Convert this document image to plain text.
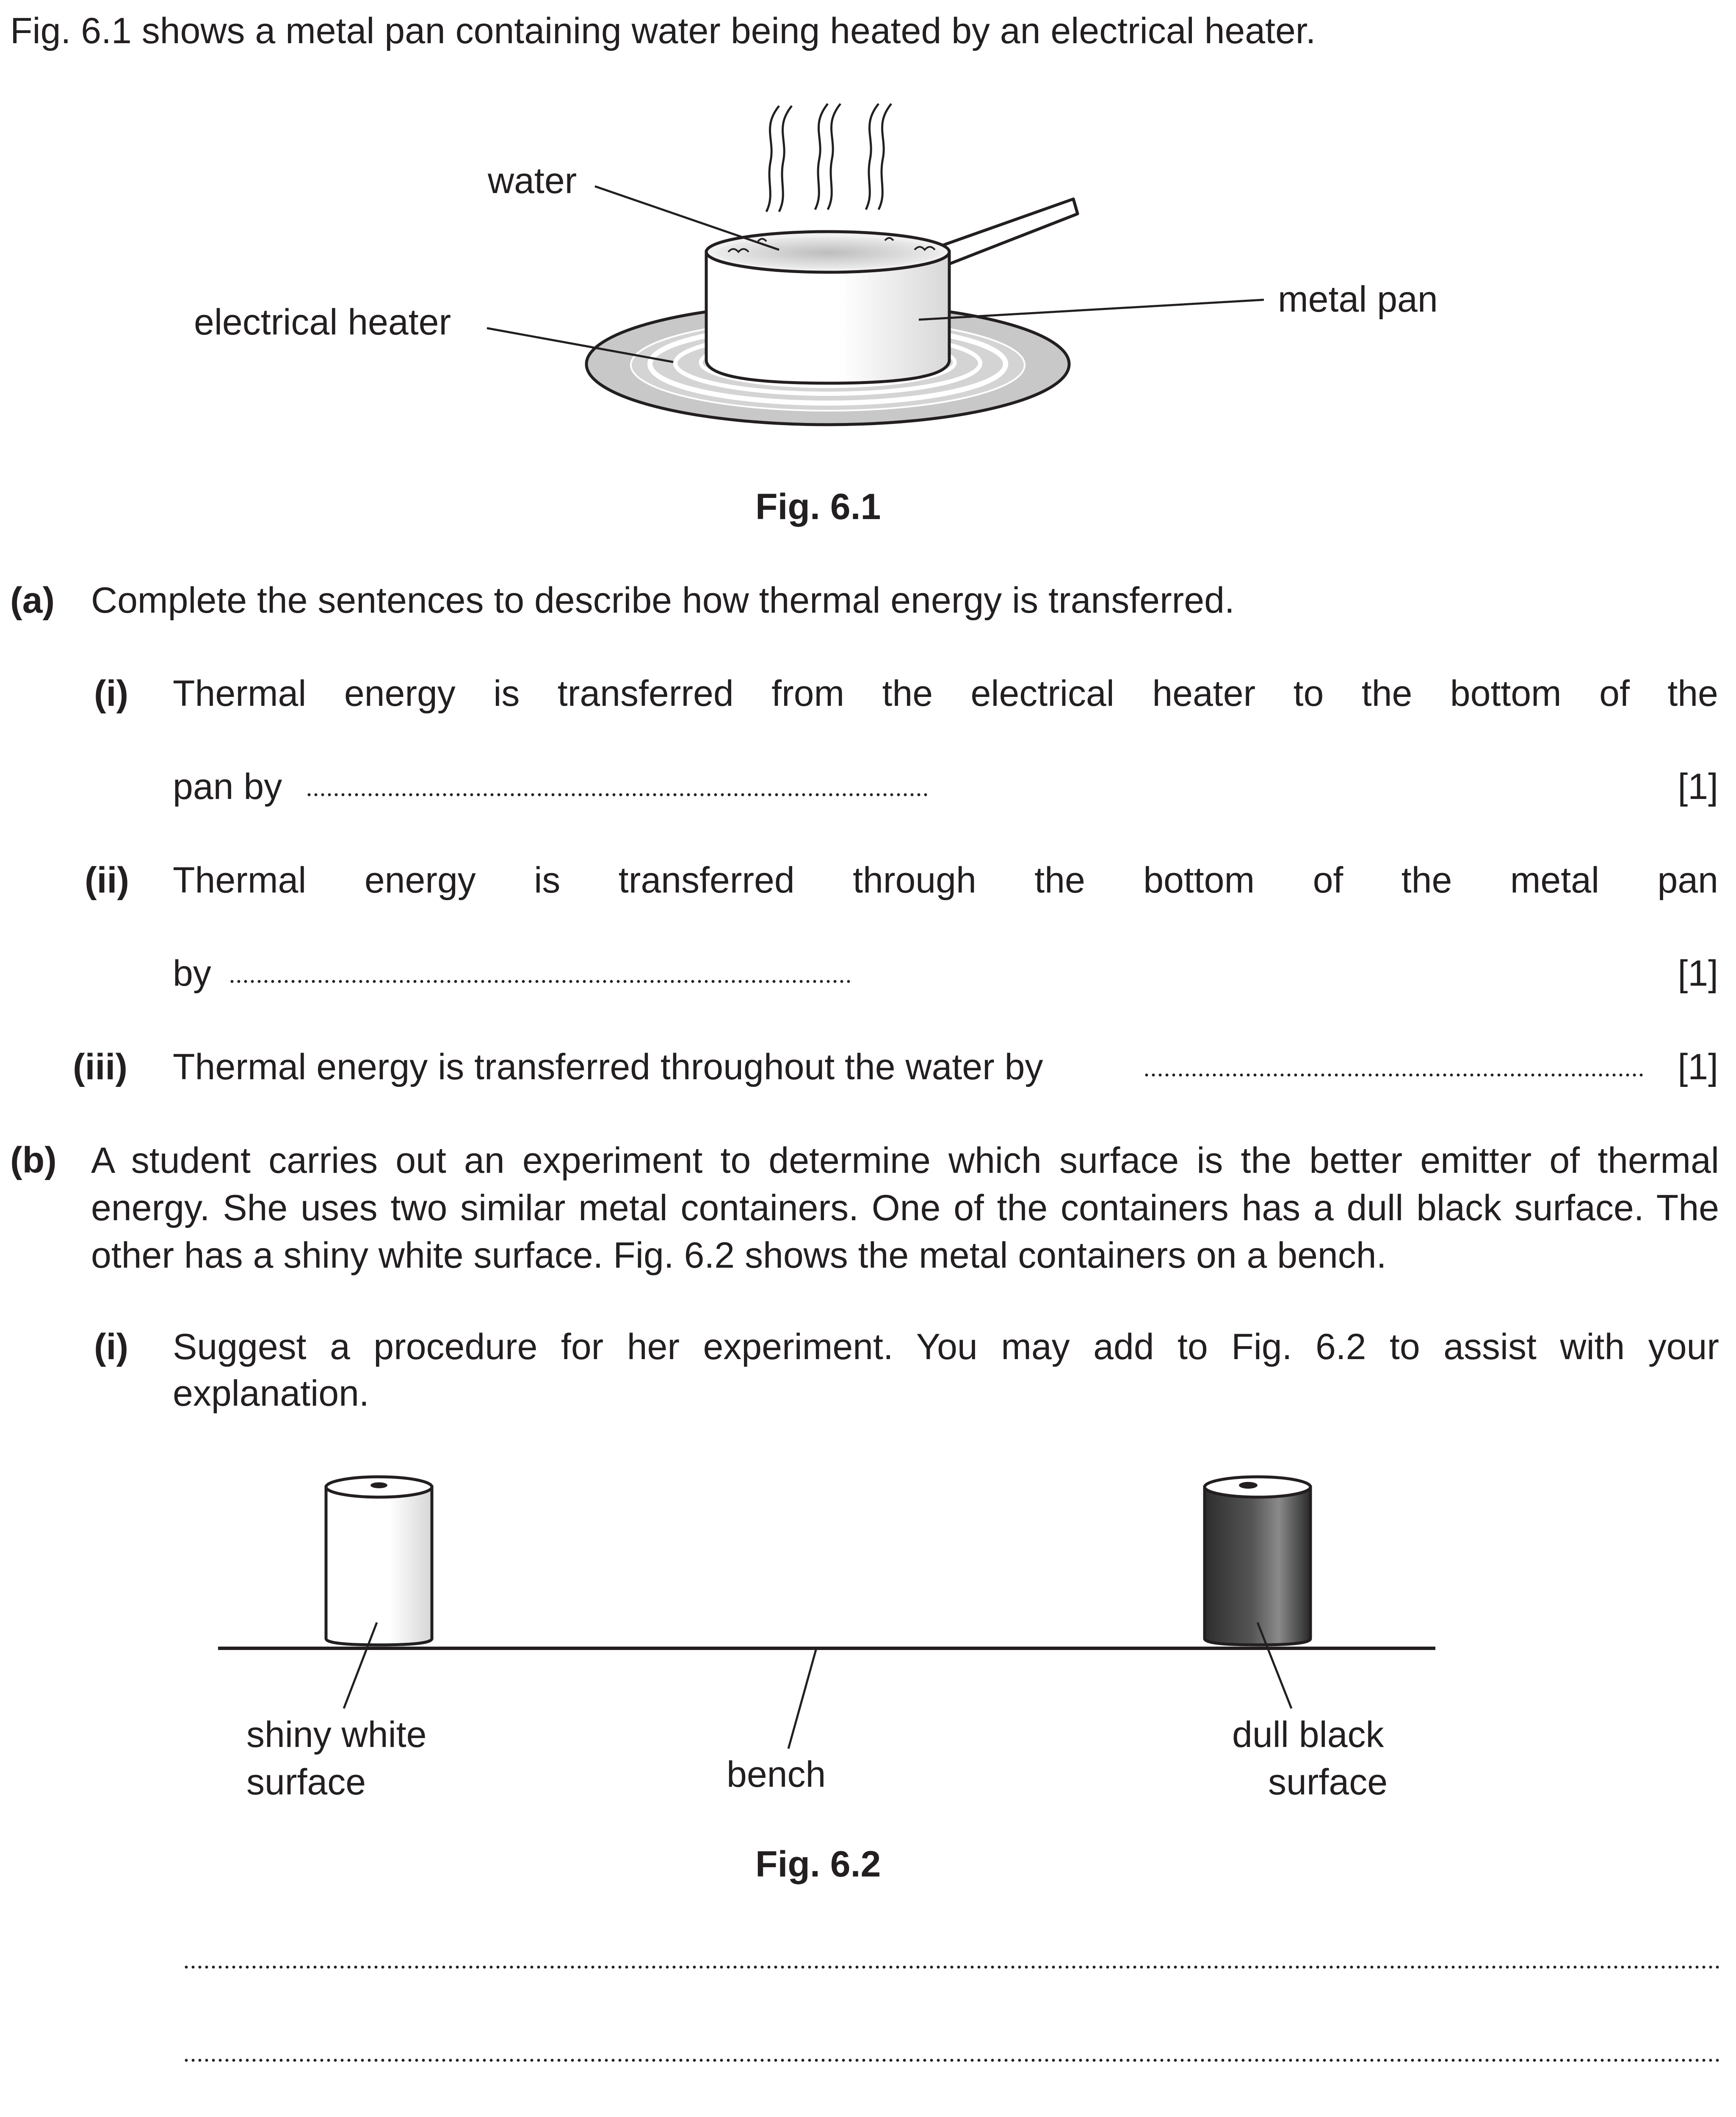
Fig. 6.1 shows a metal pan containing water being heated by an electrical heater.
water
electrical heater
metal pan
Fig. 6.1
(a) Complete the sentences to describe how thermal energy is transferred.
(i) Thermal energy is transferred from the electrical heater to the bottom of the
pan by	[1]
(ii) Thermal energy is transferred through the bottom of the metal pan
by	[1]
(iii) Thermal energy is transferred throughout the water by	[1]
(b) A student carries out an experiment to determine which surface is the better emitter of thermal energy. She uses two similar metal containers. One of the containers has a dull black surface. The other has a shiny white surface. Fig. 6.2 shows the metal containers on a bench.
(i) Suggest a procedure for her experiment. You may add to Fig. 6.2 to assist with your explanation.
shiny white
surface	bench
dull black
surface
Fig. 6.2
